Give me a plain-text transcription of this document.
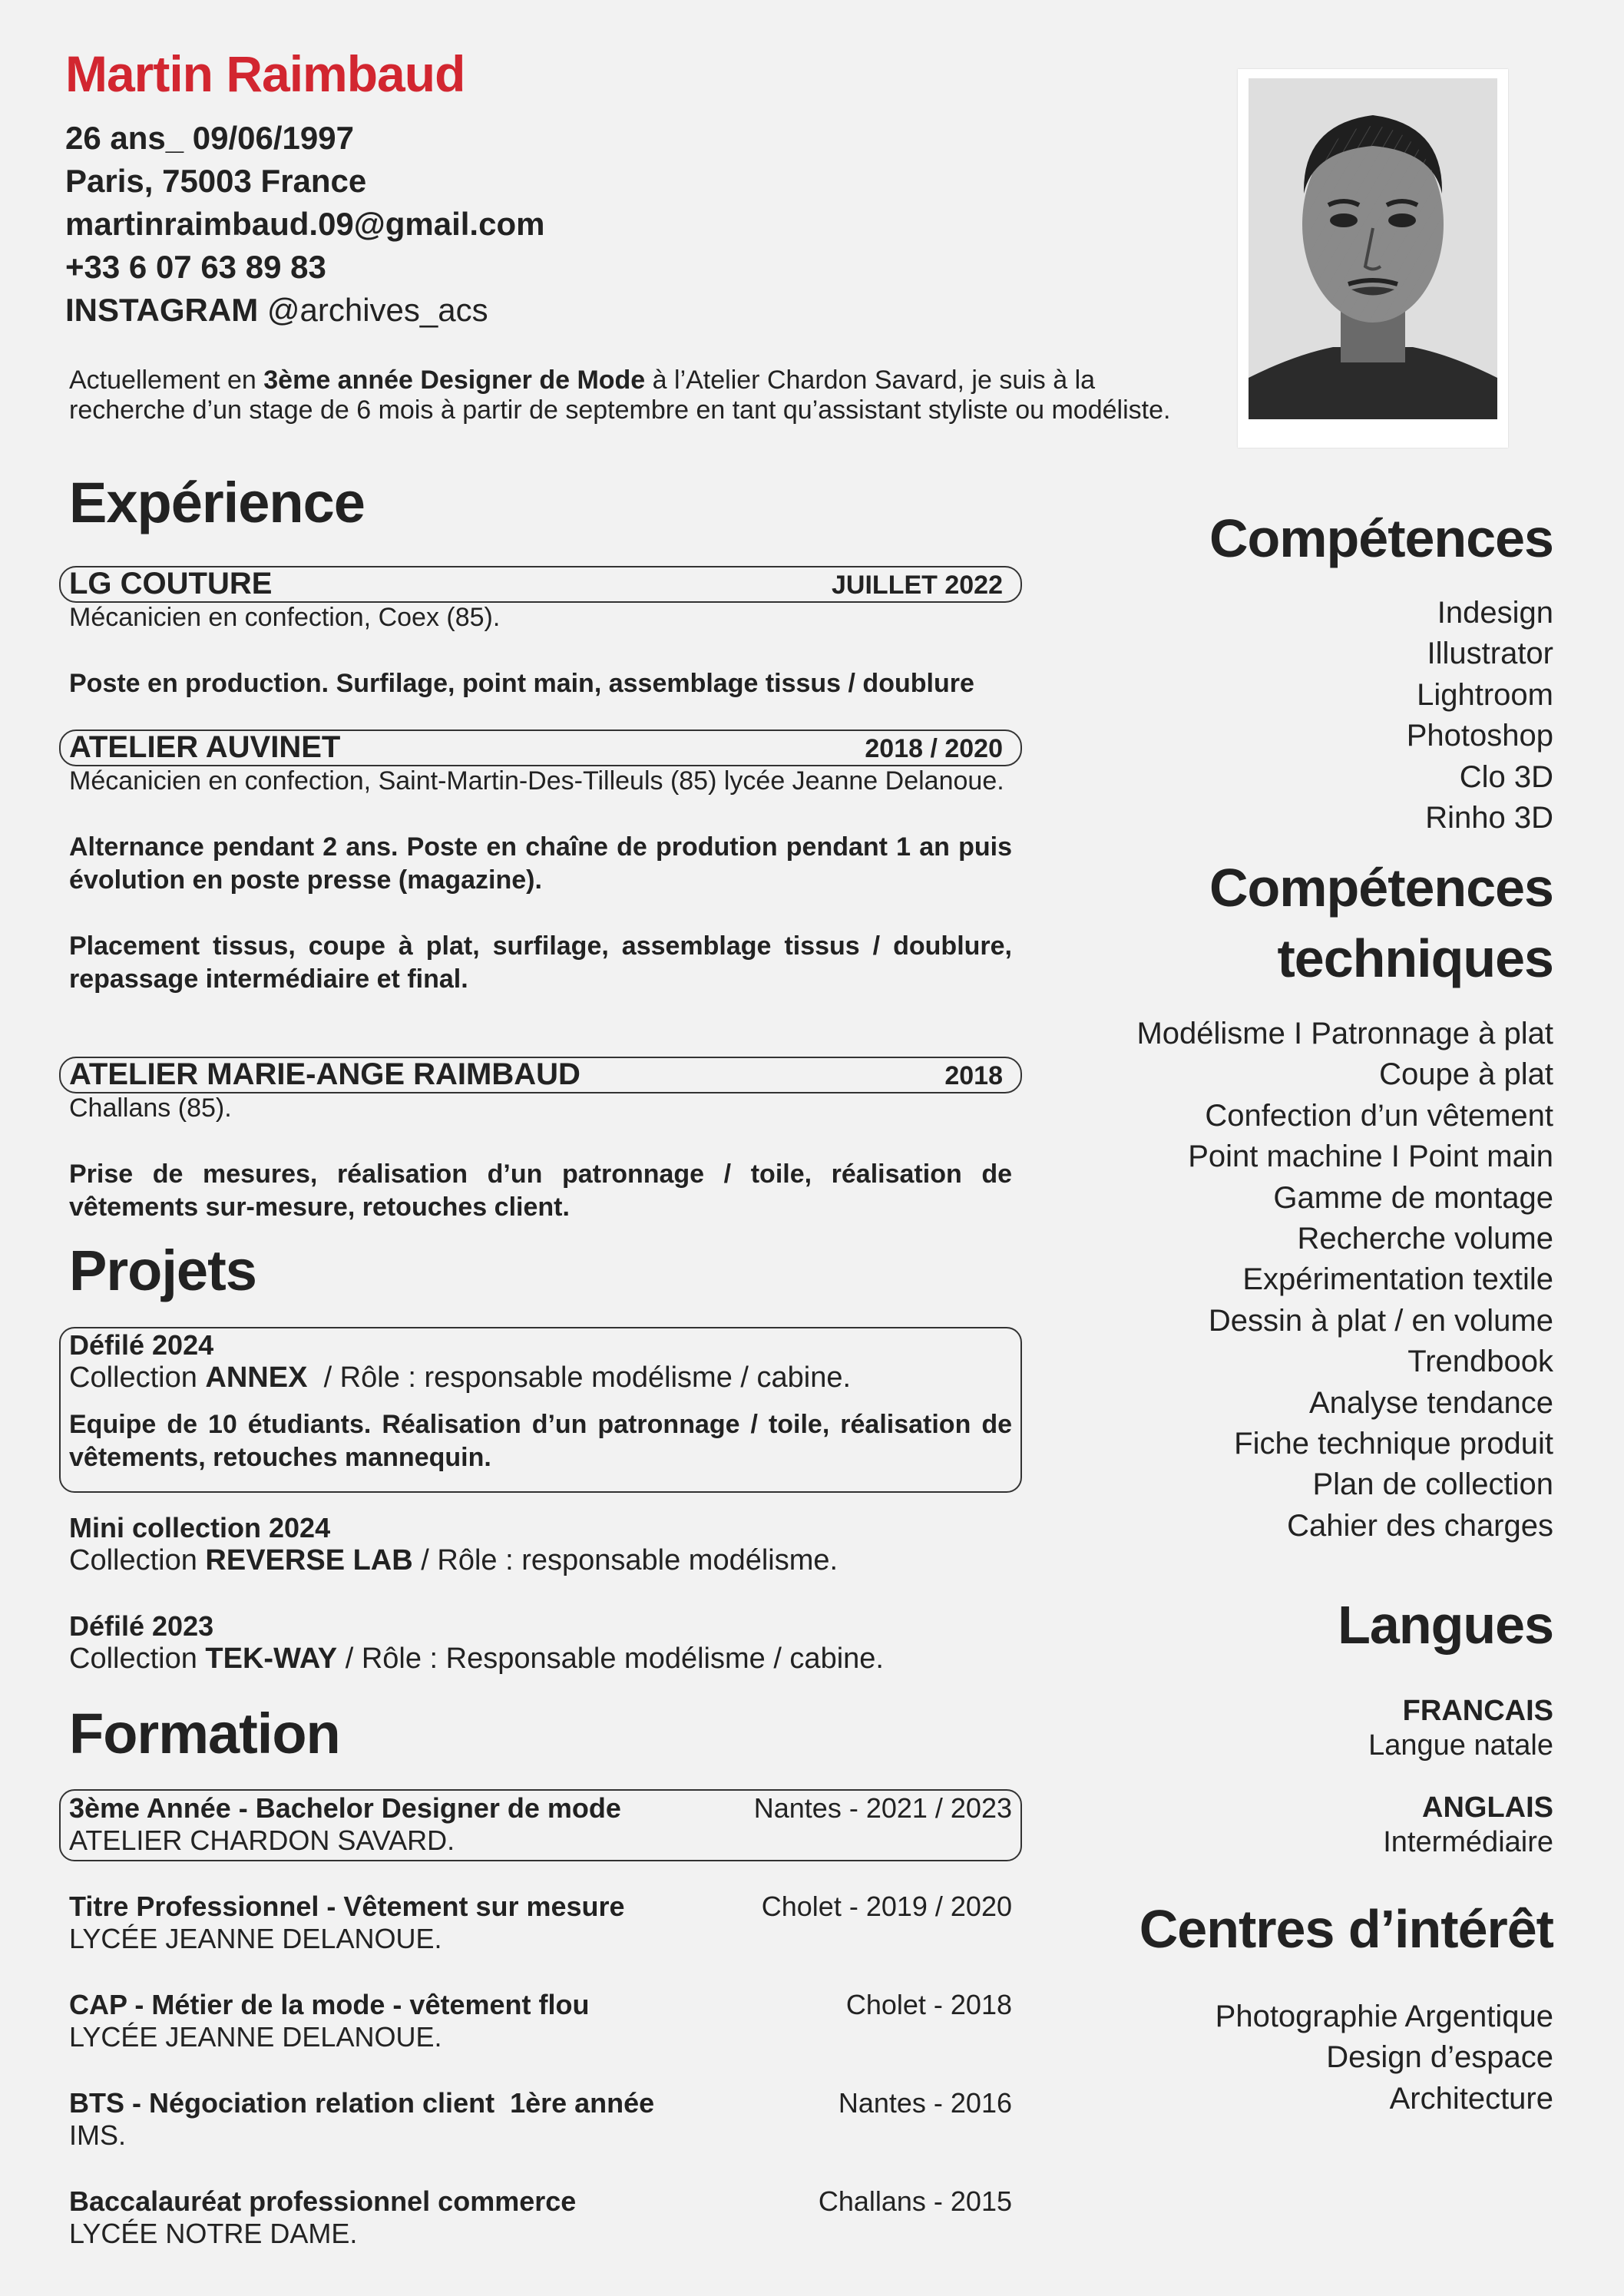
Martin Raimbaud
26 ans_ 09/06/1997
Paris, 75003 France
martinraimbaud.09@gmail.com
+33 6 07 63 89 83
INSTAGRAM @archives_acs
Actuellement en 3ème année Designer de Mode à l’Atelier Chardon Savard, je suis à la recherche d’un stage de 6 mois à partir de septembre en tant qu’assistant styliste ou modéliste.
Expérience
LG COUTURE	JUILLET 2022
Mécanicien en confection, Coex (85).
Poste en production. Surfilage, point main, assemblage tissus / doublure
ATELIER AUVINET	2018 / 2020
Mécanicien en confection, Saint-Martin-Des-Tilleuls (85) lycée Jeanne Delanoue.
Alternance pendant 2 ans. Poste en chaîne de prodution pendant 1 an puis évolution en poste presse (magazine).
Placement tissus, coupe à plat, surfilage, assemblage tissus / doublure, repassage intermédiaire et final.
ATELIER MARIE-ANGE RAIMBAUD	2018
Challans (85).
Prise de mesures, réalisation d’un patronnage / toile, réalisation de vêtements sur-mesure, retouches client.
Projets
Défilé 2024
Collection ANNEX  / Rôle : responsable modélisme / cabine.
Equipe de 10 étudiants. Réalisation d’un patronnage / toile, réalisation de vêtements, retouches mannequin.
Mini collection 2024
Collection REVERSE LAB / Rôle : responsable modélisme.
Défilé 2023
Collection TEK-WAY / Rôle : Responsable modélisme / cabine.
Formation
3ème Année - Bachelor Designer de mode	Nantes - 2021 / 2023
ATELIER CHARDON SAVARD.
Titre Professionnel - Vêtement sur mesure	Cholet - 2019 / 2020
LYCÉE JEANNE DELANOUE.
CAP - Métier de la mode - vêtement flou	Cholet - 2018
LYCÉE JEANNE DELANOUE.
BTS - Négociation relation client  1ère année	Nantes - 2016
IMS.
Baccalauréat professionnel commerce	Challans - 2015
LYCÉE NOTRE DAME.
Compétences
Indesign
Illustrator
Lightroom
Photoshop
Clo 3D
Rinho 3D
Compétences
techniques
Modélisme I Patronnage à plat
Coupe à plat
Confection d’un vêtement
Point machine I Point main
Gamme de montage
Recherche volume
Expérimentation textile
Dessin à plat / en volume
Trendbook
Analyse tendance
Fiche technique produit
Plan de collection
Cahier des charges
Langues
FRANCAIS
Langue natale
ANGLAIS
Intermédiaire
Centres d’intérêt
Photographie Argentique
Design d’espace
Architecture
